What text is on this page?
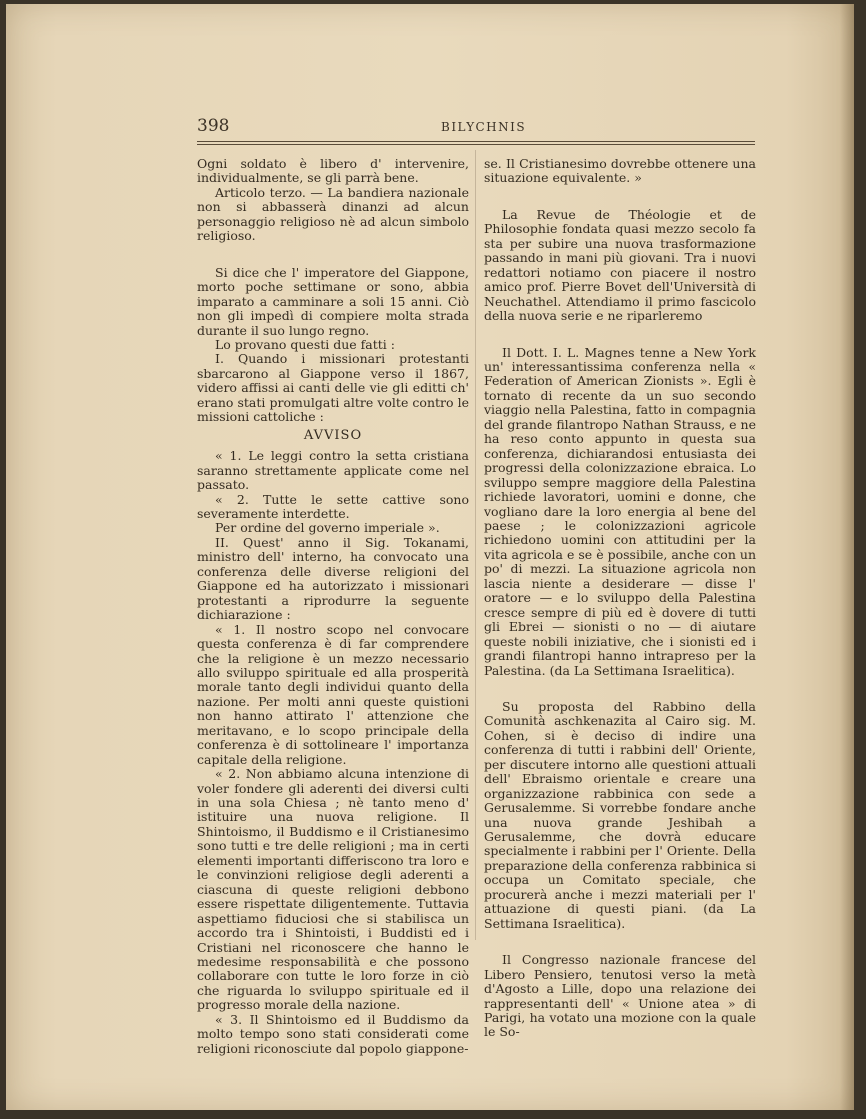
398	BILYCHNIS

Ogni soldato è libero d' intervenire, individualmente, se gli parrà bene.

Articolo terzo. — La bandiera nazionale non si abbasserà dinanzi ad alcun personaggio religioso nè ad alcun simbolo religioso.

Si dice che l' imperatore del Giappone, morto poche settimane or sono, abbia imparato a camminare a soli 15 anni. Ciò non gli impedì di compiere molta strada durante il suo lungo regno.

Lo provano questi due fatti :

I. Quando i missionari protestanti sbarcarono al Giappone verso il 1867, videro affissi ai canti delle vie gli editti ch' erano stati promulgati altre volte contro le missioni cattoliche :

AVVISO

« 1. Le leggi contro la setta cristiana saranno strettamente applicate come nel passato.

« 2. Tutte le sette cattive sono severamente interdette.

Per ordine del governo imperiale ».

II. Quest' anno il Sig. Tokanami, ministro dell' interno, ha convocato una conferenza delle diverse religioni del Giappone ed ha autorizzato i missionari protestanti a riprodurre la seguente dichiarazione :

« 1. Il nostro scopo nel convocare questa conferenza è di far comprendere che la religione è un mezzo necessario allo sviluppo spirituale ed alla prosperità morale tanto degli individui quanto della nazione. Per molti anni queste quistioni non hanno attirato l' attenzione che meritavano, e lo scopo principale della conferenza è di sottolineare l' importanza capitale della religione.

« 2. Non abbiamo alcuna intenzione di voler fondere gli aderenti dei diversi culti in una sola Chiesa ; nè tanto meno d' istituire una nuova religione. Il Shintoismo, il Buddismo e il Cristianesimo sono tutti e tre delle religioni ; ma in certi elementi importanti differiscono tra loro e le convinzioni religiose degli aderenti a ciascuna di queste religioni debbono essere rispettate diligentemente. Tuttavia aspettiamo fiduciosi che si stabilisca un accordo tra i Shintoisti, i Buddisti ed i Cristiani nel riconoscere che hanno le medesime responsabilità e che possono collaborare con tutte le loro forze in ciò che riguarda lo sviluppo spirituale ed il progresso morale della nazione.

« 3. Il Shintoismo ed il Buddismo da molto tempo sono stati considerati come religioni riconosciute dal popolo giappone-

se. Il Cristianesimo dovrebbe ottenere una situazione equivalente. »

La Revue de Théologie et de Philosophie fondata quasi mezzo secolo fa sta per subire una nuova trasformazione passando in mani più giovani. Tra i nuovi redattori notiamo con piacere il nostro amico prof. Pierre Bovet dell'Università di Neuchathel. Attendiamo il primo fascicolo della nuova serie e ne riparleremo

Il Dott. I. L. Magnes tenne a New York un' interessantissima conferenza nella « Federation of American Zionists ». Egli è tornato di recente da un suo secondo viaggio nella Palestina, fatto in compagnia del grande filantropo Nathan Strauss, e ne ha reso conto appunto in questa sua conferenza, dichiarandosi entusiasta dei progressi della colonizzazione ebraica. Lo sviluppo sempre maggiore della Palestina richiede lavoratori, uomini e donne, che vogliano dare la loro energia al bene del paese ; le colonizzazioni agricole richiedono uomini con attitudini per la vita agricola e se è possibile, anche con un po' di mezzi. La situazione agricola non lascia niente a desiderare — disse l' oratore — e lo sviluppo della Palestina cresce sempre di più ed è dovere di tutti gli Ebrei — sionisti o no — di aiutare queste nobili iniziative, che i sionisti ed i grandi filantropi hanno intrapreso per la Palestina. (da La Settimana Israelitica).

Su proposta del Rabbino della Comunità aschkenazita al Cairo sig. M. Cohen, si è deciso di indire una conferenza di tutti i rabbini dell' Oriente, per discutere intorno alle questioni attuali dell' Ebraismo orientale e creare una organizzazione rabbinica con sede a Gerusalemme. Si vorrebbe fondare anche una nuova grande Jeshibah a Gerusalemme, che dovrà educare specialmente i rabbini per l' Oriente. Della preparazione della conferenza rabbinica si occupa un Comitato speciale, che procurerà anche i mezzi materiali per l' attuazione di questi piani. (da La Settimana Israelitica).

Il Congresso nazionale francese del Libero Pensiero, tenutosi verso la metà d'Agosto a Lille, dopo una relazione dei rappresentanti dell' « Unione atea » di Parigi, ha votato una mozione con la quale le So-
